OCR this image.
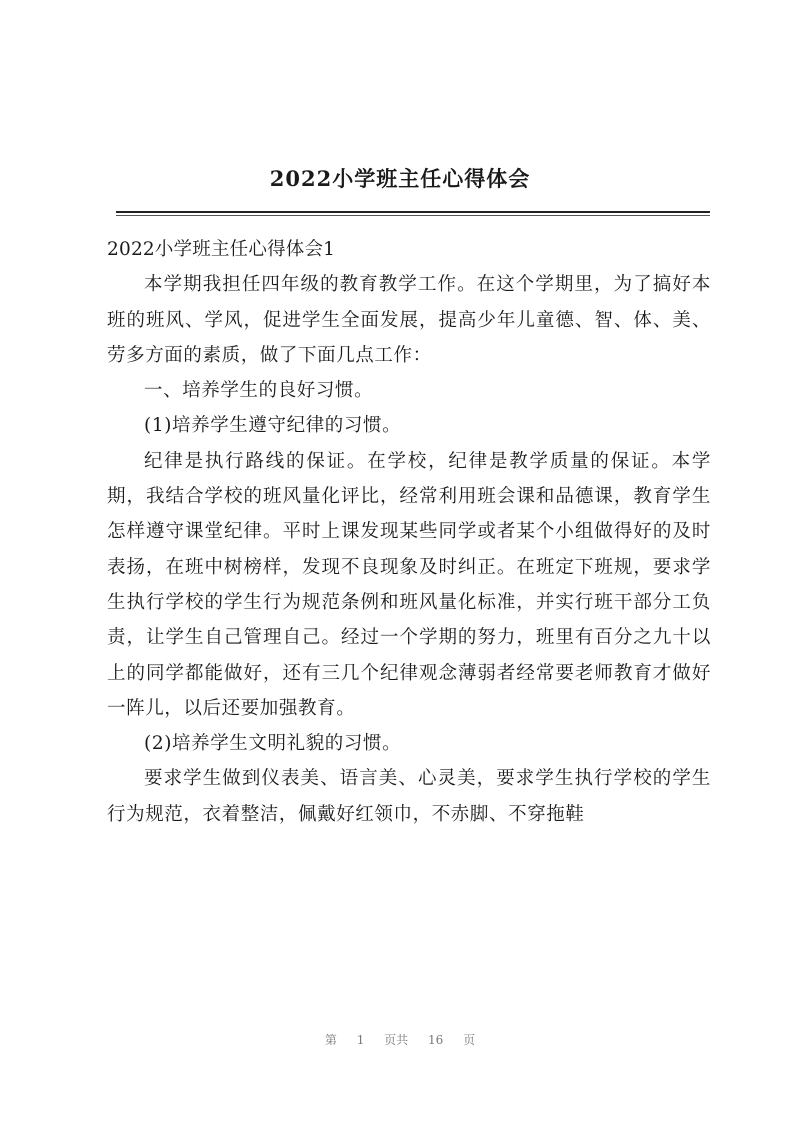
2022小学班主任心得体会

2022小学班主任心得体会1

本学期我担任四年级的教育教学工作。在这个学期里，为了搞好本班的班风、学风，促进学生全面发展，提高少年儿童德、智、体、美、劳多方面的素质，做了下面几点工作：

一、培养学生的良好习惯。

(1)培养学生遵守纪律的习惯。

纪律是执行路线的保证。在学校，纪律是教学质量的保证。本学期，我结合学校的班风量化评比，经常利用班会课和品德课，教育学生怎样遵守课堂纪律。平时上课发现某些同学或者某个小组做得好的及时表扬，在班中树榜样，发现不良现象及时纠正。在班定下班规，要求学生执行学校的学生行为规范条例和班风量化标准，并实行班干部分工负责，让学生自己管理自己。经过一个学期的努力，班里有百分之九十以上的同学都能做好，还有三几个纪律观念薄弱者经常要老师教育才做好一阵儿，以后还要加强教育。

(2)培养学生文明礼貌的习惯。

要求学生做到仪表美、语言美、心灵美，要求学生执行学校的学生行为规范，衣着整洁，佩戴好红领巾，不赤脚、不穿拖鞋

第 1 页共 16 页
